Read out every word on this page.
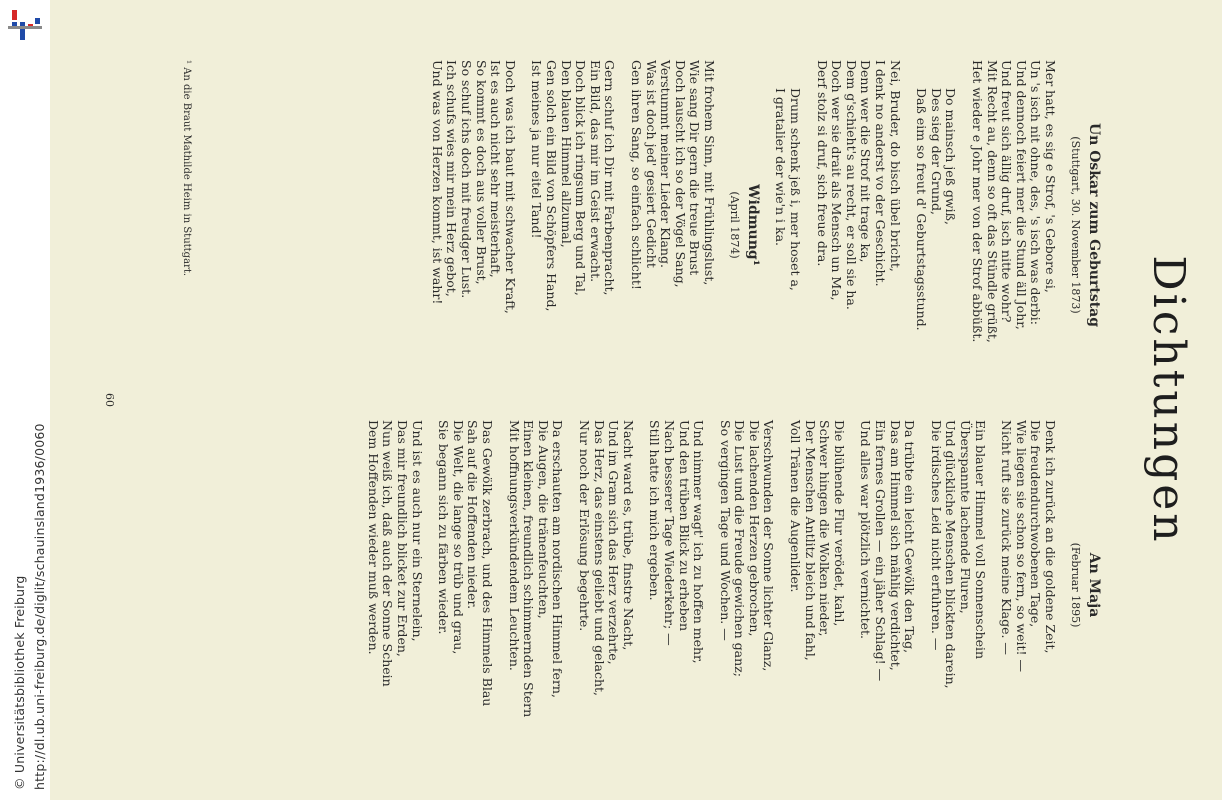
http://dl.ub.uni-freiburg.de/diglit/schauinsland1936/0060
© Universitätsbibliothek Freiburg
Dichtungen
Un Oskar zum Geburtstag
(Stuttgart, 30. November 1873)
Mer hatt, es sig e Strof, 's Gebore si,
Un 's isch nit ohne, des, 's isch was derbi:
Und dennoch feiert mer die Stund äll Johr,
Und freut sich ällig druf, isch nitte wohr?
Mit Recht au, denn so oft das Stündle grüßt,
Het wieder e Johr mer von der Strof abbüßt.
Do mainsch jeß gwiß,
Des sieg der Grund,
Daß eim so freut d' Geburtstagsstund.
Nei, Bruder, do bisch übel bricht,
I denk no anderst vo der Geschicht.
Denn wer die Strof nit trage ka,
Dem g'schieht's au recht, er soll sie ha.
Doch wer sie drait als Mensch un Ma,
Derf stolz si druf, sich freue dra.
Drum schenk jeß i, mer hoset a,
I gratalier der wie'n i ka.
Widmung¹
(April 1874)
Mit frohem Sinn, mit Frühlingslust,
Wie sang Dir gern die treue Brust
Doch lauscht ich so der Vögel Sang,
Verstummt meiner Lieder Klang.
Was ist doch jed' gesiert Gedicht
Gen ihren Sang, so einfach schlicht!
Gern schuf ich Dir mit Farbenpracht,
Ein Bild, das mir im Geist erwacht.
Doch blick ich ringsum Berg und Tal,
Den blauen Himmel allzumal,
Gen solch ein Bild von Schöpfers Hand,
Ist meines ja nur eitel Tand!
Doch was ich baut mit schwacher Kraft,
Ist es auch nicht sehr meisterhaft,
So kommt es doch aus voller Brust,
So schuf ichs doch mit freudger Lust.
Ich schufs wies mir mein Herz gebot,
Und was von Herzen kommt, ist wahr!
An Maja
(Februar 1895)
Denk ich zurück an die goldene Zeit,
Die freudendurchwobenen Tage,
Wie liegen sie schon so fern, so weit! —
Nicht ruft sie zurück meine Klage. —
Ein blauer Himmel voll Sonnenschein
Überspannte lachende Fluren,
Und glückliche Menschen blickten darein,
Die irdisches Leid nicht erfuhren. —
Da trübte ein leicht Gewölk den Tag,
Das am Himmel sich mählig verdichtet,
Ein fernes Grollen — ein jäher Schlag! —
Und alles war plötzlich vernichtet.
Die blühende Flur verödet, kahl,
Schwer hingen die Wolken nieder,
Der Menschen Antlitz bleich und fahl,
Voll Tränen die Augenlider.
Verschwunden der Sonne lichter Glanz,
Die lachenden Herzen gebrochen,
Die Lust und die Freude gewichen ganz;
So vergingen Tage und Wochen. —
Und nimmer wagt' ich zu hoffen mehr,
Und den trüben Blick zu erheben
Nach besserer Tage Wiederkehr; —
Still hatte ich mich ergeben.
Nacht ward es, trübe, finstre Nacht,
Und im Gram sich das Herz verzehrte,
Das Herz, das einstens geliebt und gelacht,
Nur noch der Erlösung begehrte.
Da erschauten am nordischen Himmel fern,
Die Augen, die tränenfeuchten,
Einen kleinen, freundlich schimmernden Stern
Mit hoffnungsverkündendem Leuchten.
Das Gewölk zerbrach, und des Himmels Blau
Sah auf die Hoffenden nieder.
Die Welt, die lange so trüb und grau,
Sie begann sich zu färben wieder.
Und ist es auch nur ein Sternelein,
Das mir freundlich blicket zur Erden,
Nun weiß ich, daß auch der Sonne Schein
Dem Hoffenden wieder muß werden.
¹ An die Braut Mathilde Heim in Stuttgart.
60
